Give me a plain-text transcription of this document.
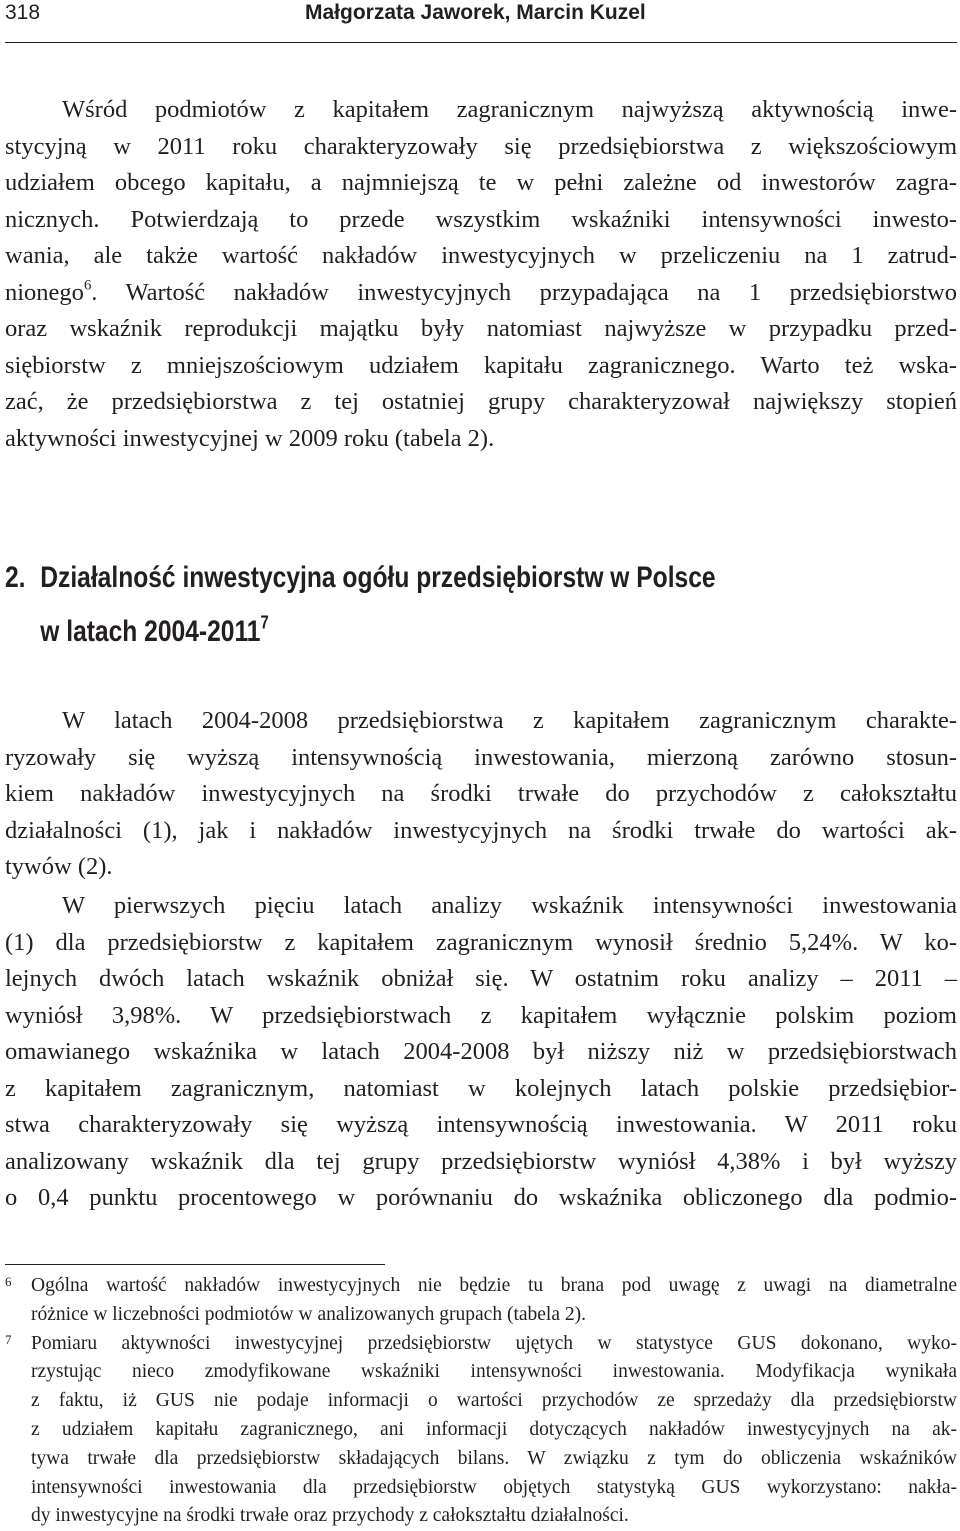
318	Małgorzata Jaworek, Marcin Kuzel
Wśród podmiotów z kapitałem zagranicznym najwyższą aktywnością inwe-
stycyjną w 2011 roku charakteryzowały się przedsiębiorstwa z większościowym
udziałem obcego kapitału, a najmniejszą te w pełni zależne od inwestorów zagra-
nicznych. Potwierdzają to przede wszystkim wskaźniki intensywności inwesto-
wania, ale także wartość nakładów inwestycyjnych w przeliczeniu na 1 zatrud-
nionego$^6$. Wartość nakładów inwestycyjnych przypadająca na 1 przedsiębiorstwo
oraz wskaźnik reprodukcji majątku były natomiast najwyższe w przypadku przed-
siębiorstw z mniejszościowym udziałem kapitału zagranicznego. Warto też wska-
zać, że przedsiębiorstwa z tej ostatniej grupy charakteryzował największy stopień
aktywności inwestycyjnej w 2009 roku (tabela 2).
2. Działalność inwestycyjna ogółu przedsiębiorstw w Polsce
w latach 2004-2011$^7$
W latach 2004-2008 przedsiębiorstwa z kapitałem zagranicznym charakte-
ryzowały się wyższą intensywnością inwestowania, mierzoną zarówno stosun-
kiem nakładów inwestycyjnych na środki trwałe do przychodów z całokształtu
działalności (1), jak i nakładów inwestycyjnych na środki trwałe do wartości ak-
tywów (2).
W pierwszych pięciu latach analizy wskaźnik intensywności inwestowania
(1) dla przedsiębiorstw z kapitałem zagranicznym wynosił średnio 5,24%. W ko-
lejnych dwóch latach wskaźnik obniżał się. W ostatnim roku analizy – 2011 –
wyniósł 3,98%. W przedsiębiorstwach z kapitałem wyłącznie polskim poziom
omawianego wskaźnika w latach 2004-2008 był niższy niż w przedsiębiorstwach
z kapitałem zagranicznym, natomiast w kolejnych latach polskie przedsiębior-
stwa charakteryzowały się wyższą intensywnością inwestowania. W 2011 roku
analizowany wskaźnik dla tej grupy przedsiębiorstw wyniósł 4,38% i był wyższy
o 0,4 punktu procentowego w porównaniu do wskaźnika obliczonego dla podmio-
6 Ogólna wartość nakładów inwestycyjnych nie będzie tu brana pod uwagę z uwagi na diametralne
różnice w liczebności podmiotów w analizowanych grupach (tabela 2).
7 Pomiaru aktywności inwestycyjnej przedsiębiorstw ujętych w statystyce GUS dokonano, wyko-
rzystując nieco zmodyfikowane wskaźniki intensywności inwestowania. Modyfikacja wynikała
z faktu, iż GUS nie podaje informacji o wartości przychodów ze sprzedaży dla przedsiębiorstw
z udziałem kapitału zagranicznego, ani informacji dotyczących nakładów inwestycyjnych na ak-
tywa trwałe dla przedsiębiorstw składających bilans. W związku z tym do obliczenia wskaźników
intensywności inwestowania dla przedsiębiorstw objętych statystyką GUS wykorzystano: nakła-
dy inwestycyjne na środki trwałe oraz przychody z całokształtu działalności.
